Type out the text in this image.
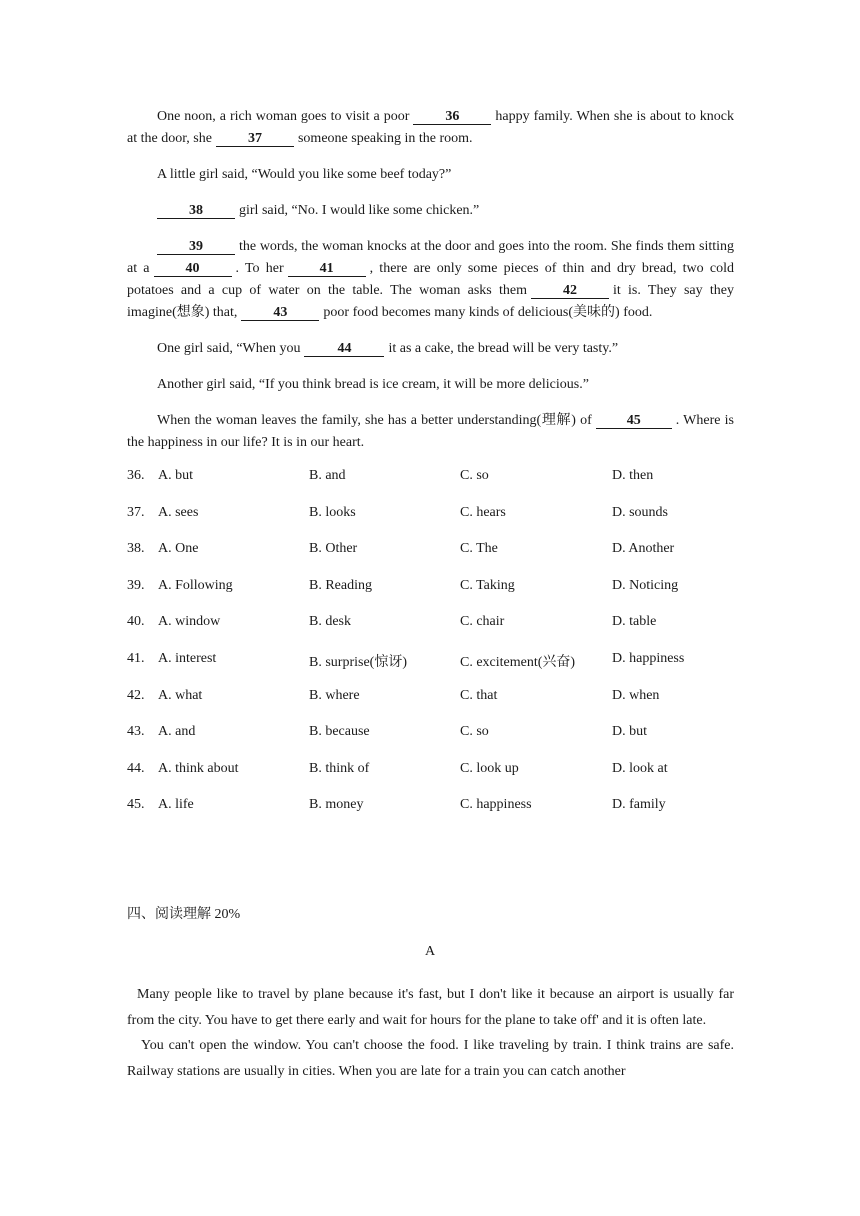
One noon, a rich woman goes to visit a poor	36	happy family. When she is about to knock at the door, she	37	someone speaking in the room.

A little girl said, “Would you like some beef today?”

38	girl said, “No. I would like some chicken.”

39	the words, the woman knocks at the door and goes into the room. She finds them sitting at a	40	. To her	41	, there are only some pieces of thin and dry bread, two cold potatoes and a cup of water on the table. The woman asks them	42	it is. They say they imagine(想象) that,	43	poor food becomes many kinds of delicious(美味的) food.

One girl said, “When you	44	it as a cake, the bread will be very tasty.”

Another girl said, “If you think bread is ice cream, it will be more delicious.”

When the woman leaves the family, she has a better understanding(理解) of	45	. Where is the happiness in our life? It is in our heart.

36. A. but	B. and	C. so	D. then
37. A. sees	B. looks	C. hears	D. sounds
38. A. One	B. Other	C. The	D. Another
39. A. Following	B. Reading	C. Taking	D. Noticing
40. A. window	B. desk	C. chair	D. table
41. A. interest	B. surprise(惊讶)	C. excitement(兴奋)	D. happiness
42. A. what	B. where	C. that	D. when
43. A. and	B. because	C. so	D. but
44. A. think about	B. think of	C. look up	D. look at
45. A. life	B. money	C. happiness	D. family
四、阅读理解 20%
A

Many people like to travel by plane because it's fast, but I don't like it because an airport is usually far from the city. You have to get there early and wait for hours for the plane to take off' and it is often late.

You can't open the window. You can't choose the food. I like traveling by train. I think trains are safe. Railway stations are usually in cities. When you are late for a train you can catch another
